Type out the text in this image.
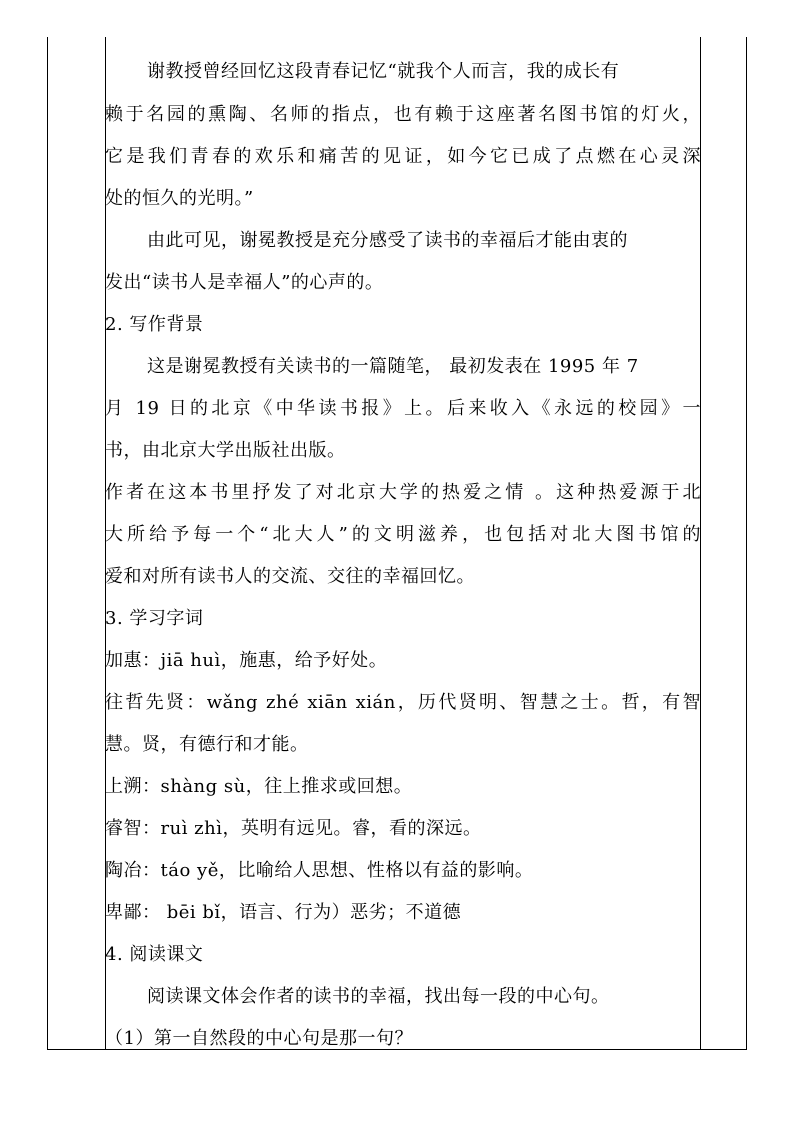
谢教授曾经回忆这段青春记忆“就我个人而言，我的成长有
赖于名园的熏陶、名师的指点，也有赖于这座著名图书馆的灯火，
它是我们青春的欢乐和痛苦的见证，如今它已成了点燃在心灵深
处的恒久的光明。”
由此可见，谢冕教授是充分感受了读书的幸福后才能由衷的
发出“读书人是幸福人”的心声的。
2. 写作背景
这是谢冕教授有关读书的一篇随笔， 最初发表在 1995 年 7
月 19 日的北京《中华读书报》上。后来收入《永远的校园》一
书，由北京大学出版社出版。
作者在这本书里抒发了对北京大学的热爱之情 。这种热爱源于北
大所给予每一个“北大人”的文明滋养，也包括对北大图书馆的
爱和对所有读书人的交流、交往的幸福回忆。
3. 学习字词
加惠：jiā huì，施惠，给予好处。
往哲先贤：wǎng zhé xiān xián，历代贤明、智慧之士。哲，有智
慧。贤，有德行和才能。
上溯：shàng sù，往上推求或回想。
睿智：ruì zhì，英明有远见。睿，看的深远。
陶冶：táo yě，比喻给人思想、性格以有益的影响。
卑鄙： bēi bǐ，语言、行为）恶劣；不道德
4. 阅读课文
阅读课文体会作者的读书的幸福，找出每一段的中心句。
（1）第一自然段的中心句是那一句？
